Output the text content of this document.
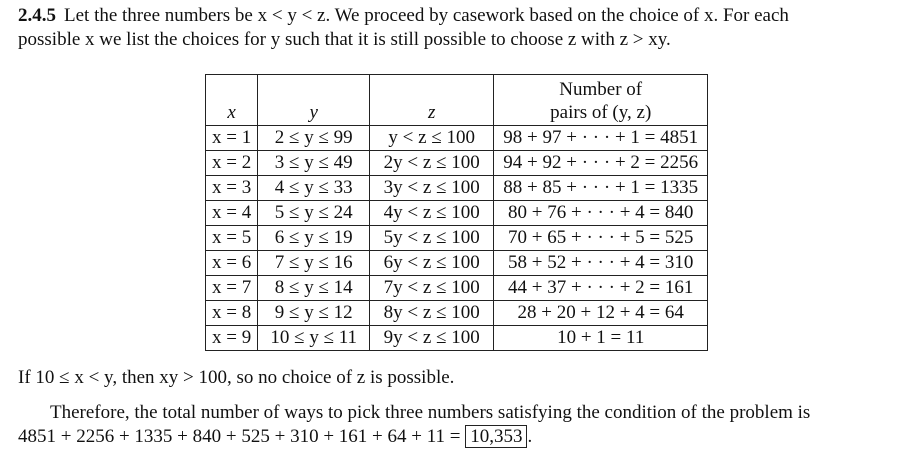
2.4.5 Let the three numbers be x < y < z. We proceed by casework based on the choice of x. For each

possible x we list the choices for y such that it is still possible to choose z with z > xy.

x	y	z	Number of
pairs of (y, z)
x = 1	2 ≤ y ≤ 99	y < z ≤ 100	98 + 97 + · · · + 1 = 4851
x = 2	3 ≤ y ≤ 49	2y < z ≤ 100	94 + 92 + · · · + 2 = 2256
x = 3	4 ≤ y ≤ 33	3y < z ≤ 100	88 + 85 + · · · + 1 = 1335
x = 4	5 ≤ y ≤ 24	4y < z ≤ 100	80 + 76 + · · · + 4 = 840
x = 5	6 ≤ y ≤ 19	5y < z ≤ 100	70 + 65 + · · · + 5 = 525
x = 6	7 ≤ y ≤ 16	6y < z ≤ 100	58 + 52 + · · · + 4 = 310
x = 7	8 ≤ y ≤ 14	7y < z ≤ 100	44 + 37 + · · · + 2 = 161
x = 8	9 ≤ y ≤ 12	8y < z ≤ 100	28 + 20 + 12 + 4 = 64
x = 9	10 ≤ y ≤ 11	9y < z ≤ 100	10 + 1 = 11
If 10 ≤ x < y, then xy > 100, so no choice of z is possible.

Therefore, the total number of ways to pick three numbers satisfying the condition of the problem is

4851 + 2256 + 1335 + 840 + 525 + 310 + 161 + 64 + 11 = 10,353 .
